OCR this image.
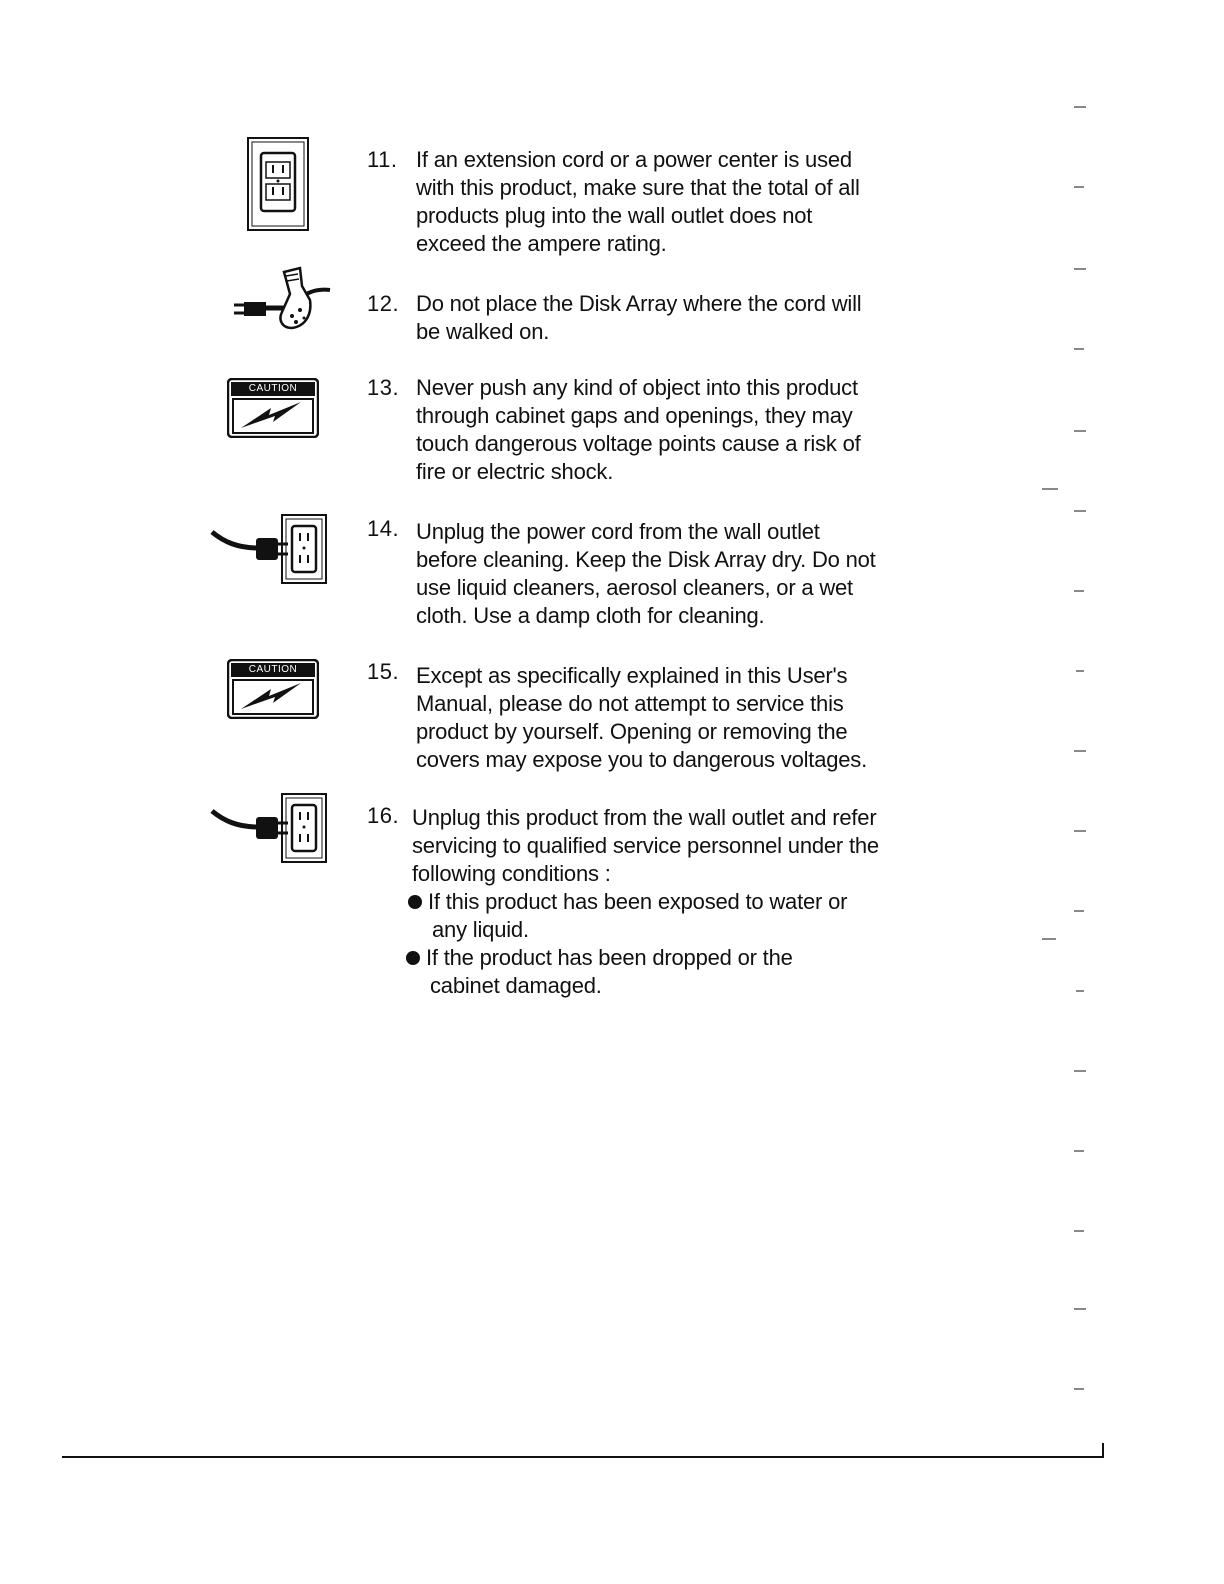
11. If an extension cord or a power center is used
with this product, make sure that the total of all
products plug into the wall outlet does not
exceed the ampere rating.
12. Do not place the Disk Array where the cord will
be walked on.
CAUTION	13. Never push any kind of object into this product
through cabinet gaps and openings, they may
touch dangerous voltage points cause a risk of
fire or electric shock.
14. Unplug the power cord from the wall outlet
before cleaning. Keep the Disk Array dry. Do not
use liquid cleaners, aerosol cleaners, or a wet
cloth. Use a damp cloth for cleaning.
CAUTION	15. Except as specifically explained in this User's
Manual, please do not attempt to service this
product by yourself. Opening or removing the
covers may expose you to dangerous voltages.
16. Unplug this product from the wall outlet and refer
servicing to qualified service personnel under the
following conditions :
If this product has been exposed to water or
any liquid.
If the product has been dropped or the
cabinet damaged.
